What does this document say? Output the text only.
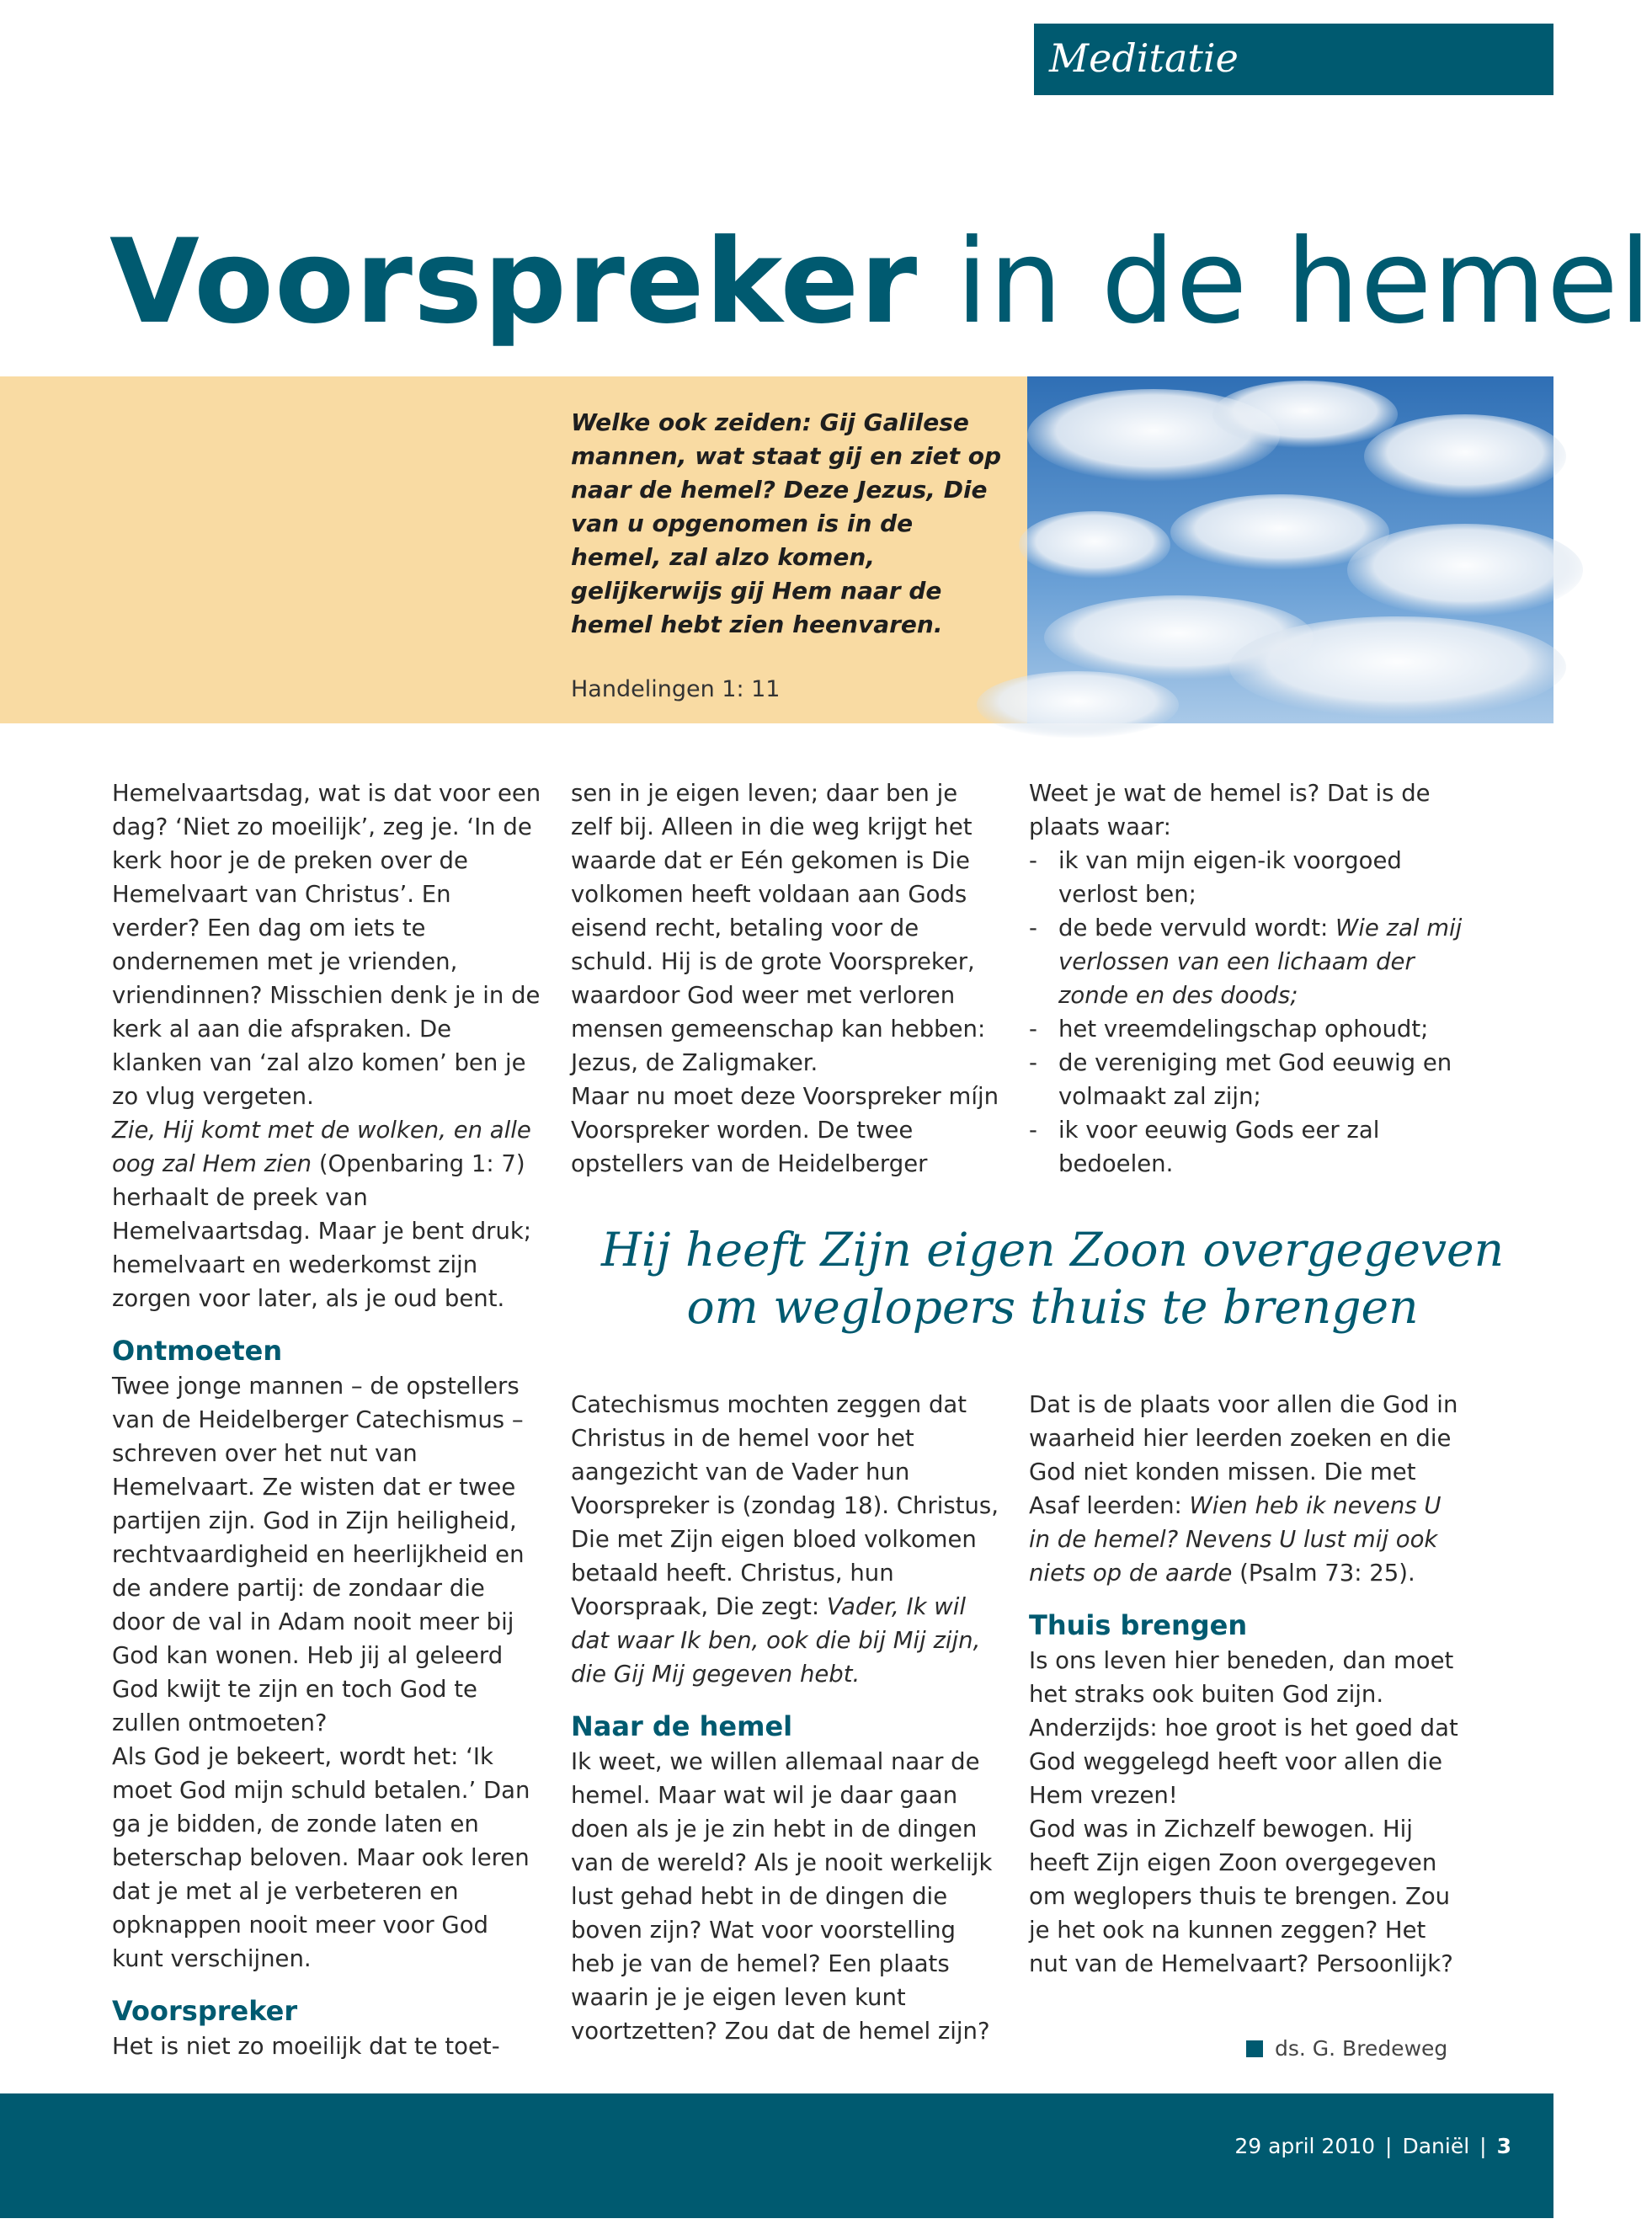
Meditatie
Voorspreker in de hemel
Welke ook zeiden: Gij Galilese mannen, wat staat gij en ziet op naar de hemel? Deze Jezus, Die van u opgenomen is in de hemel, zal alzo komen, gelijkerwijs gij Hem naar de hemel hebt zien heenvaren.
Handelingen 1: 11

Hemelvaartsdag, wat is dat voor een dag? ‘Niet zo moeilijk’, zeg je. ‘In de kerk hoor je de preken over de Hemelvaart van Christus’. En verder? Een dag om iets te ondernemen met je vrienden, vriendinnen? Misschien denk je in de kerk al aan die afspraken. De klanken van ‘zal alzo komen’ ben je zo vlug vergeten.

Zie, Hij komt met de wolken, en alle oog zal Hem zien (Openbaring 1: 7) herhaalt de preek van Hemelvaartsdag. Maar je bent druk; hemelvaart en wederkomst zijn zorgen voor later, als je oud bent.

Ontmoeten

Twee jonge mannen – de opstellers van de Heidelberger Catechismus – schreven over het nut van Hemelvaart. Ze wisten dat er twee partijen zijn. God in Zijn heiligheid, rechtvaardigheid en heerlijkheid en de andere partij: de zondaar die door de val in Adam nooit meer bij God kan wonen. Heb jij al geleerd God kwijt te zijn en toch God te zullen ontmoeten?

Als God je bekeert, wordt het: ‘Ik moet God mijn schuld betalen.’ Dan ga je bidden, de zonde laten en beterschap beloven. Maar ook leren dat je met al je verbeteren en opknappen nooit meer voor God kunt verschijnen.

Voorspreker

Het is niet zo moeilijk dat te toet-

sen in je eigen leven; daar ben je zelf bij. Alleen in die weg krijgt het waarde dat er Eén gekomen is Die volkomen heeft voldaan aan Gods eisend recht, betaling voor de schuld. Hij is de grote Voorspreker, waardoor God weer met verloren mensen gemeenschap kan hebben: Jezus, de Zaligmaker.

Maar nu moet deze Voorspreker míjn Voorspreker worden. De twee opstellers van de Heidelberger

Weet je wat de hemel is? Dat is de plaats waar:

- ik van mijn eigen-ik voorgoed verlost ben;
- de bede vervuld wordt: Wie zal mij verlossen van een lichaam der zonde en des doods;
- het vreemdelingschap ophoudt;
- de vereniging met God eeuwig en volmaakt zal zijn;
- ik voor eeuwig Gods eer zal bedoelen.
Hij heeft Zijn eigen Zoon overgegeven
om weglopers thuis te brengen

Catechismus mochten zeggen dat Christus in de hemel voor het aangezicht van de Vader hun Voorspreker is (zondag 18). Christus, Die met Zijn eigen bloed volkomen betaald heeft. Christus, hun Voorspraak, Die zegt: Vader, Ik wil dat waar Ik ben, ook die bij Mij zijn, die Gij Mij gegeven hebt.

Naar de hemel

Ik weet, we willen allemaal naar de hemel. Maar wat wil je daar gaan doen als je je zin hebt in de dingen van de wereld? Als je nooit werkelijk lust gehad hebt in de dingen die boven zijn? Wat voor voorstelling heb je van de hemel? Een plaats waarin je je eigen leven kunt voortzetten? Zou dat de hemel zijn?

Dat is de plaats voor allen die God in waarheid hier leerden zoeken en die God niet konden missen. Die met Asaf leerden: Wien heb ik nevens U in de hemel? Nevens U lust mij ook niets op de aarde (Psalm 73: 25).

Thuis brengen

Is ons leven hier beneden, dan moet het straks ook buiten God zijn. Anderzijds: hoe groot is het goed dat God weggelegd heeft voor allen die Hem vrezen!

God was in Zichzelf bewogen. Hij heeft Zijn eigen Zoon overgegeven om weglopers thuis te brengen. Zou je het ook na kunnen zeggen? Het nut van de Hemelvaart? Persoonlijk?

ds. G. Bredeweg
29 april 2010 | Daniël | 3
